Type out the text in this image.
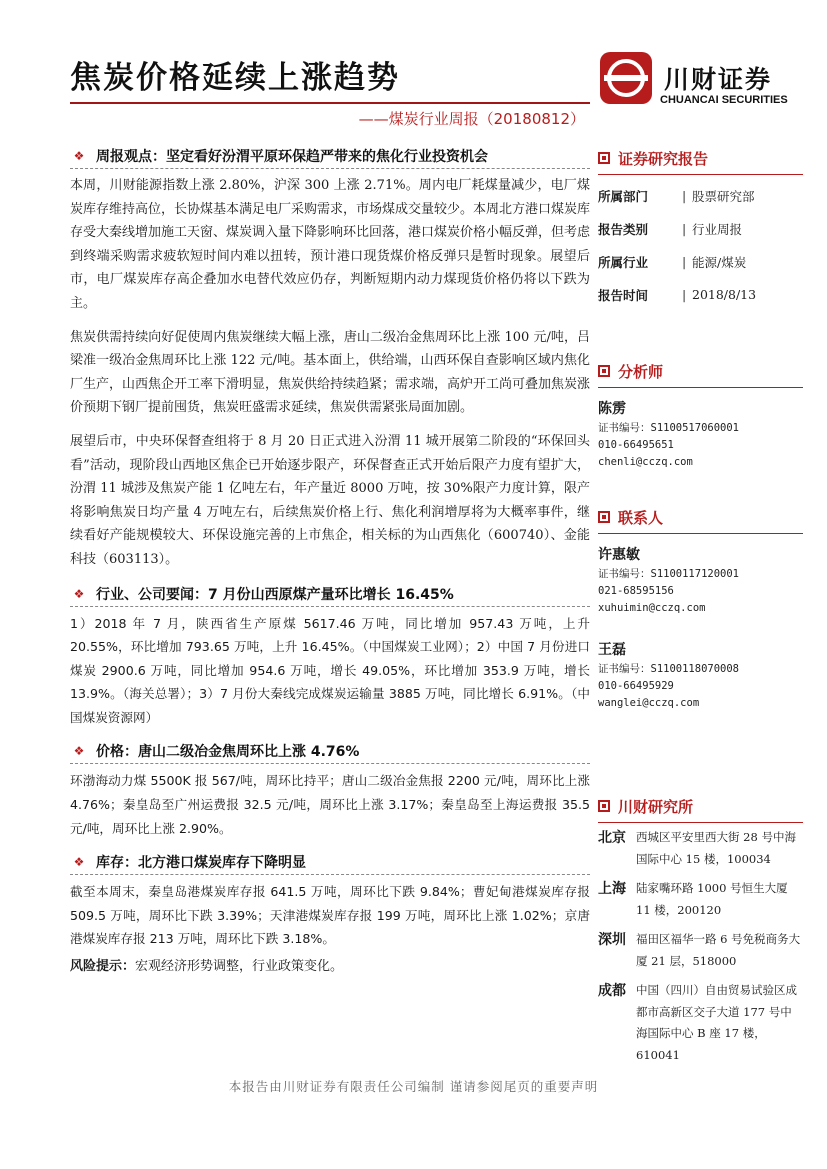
焦炭价格延续上涨趋势
——煤炭行业周报（20180812）
川财证券
CHUANCAI SECURITIES
❖ 周报观点：坚定看好汾渭平原环保趋严带来的焦化行业投资机会

本周，川财能源指数上涨 2.80%，沪深 300 上涨 2.71%。周内电厂耗煤量减少，电厂煤炭库存维持高位，长协煤基本满足电厂采购需求，市场煤成交量较少。本周北方港口煤炭库存受大秦线增加施工天窗、煤炭调入量下降影响环比回落，港口煤炭价格小幅反弹，但考虑到终端采购需求疲软短时间内难以扭转，预计港口现货煤价格反弹只是暂时现象。展望后市，电厂煤炭库存高企叠加水电替代效应仍存，判断短期内动力煤现货价格仍将以下跌为主。

焦炭供需持续向好促使周内焦炭继续大幅上涨，唐山二级冶金焦周环比上涨 100 元/吨，吕梁准一级冶金焦周环比上涨 122 元/吨。基本面上，供给端，山西环保自查影响区域内焦化厂生产，山西焦企开工率下滑明显，焦炭供给持续趋紧；需求端，高炉开工尚可叠加焦炭涨价预期下钢厂提前囤货，焦炭旺盛需求延续，焦炭供需紧张局面加剧。

展望后市，中央环保督查组将于 8 月 20 日正式进入汾渭 11 城开展第二阶段的“环保回头看”活动，现阶段山西地区焦企已开始逐步限产，环保督查正式开始后限产力度有望扩大，汾渭 11 城涉及焦炭产能 1 亿吨左右，年产量近 8000 万吨，按 30%限产力度计算，限产将影响焦炭日均产量 4 万吨左右，后续焦炭价格上行、焦化利润增厚将为大概率事件，继续看好产能规模较大、环保设施完善的上市焦企，相关标的为山西焦化（600740）、金能科技（603113）。

❖ 行业、公司要闻：7 月份山西原煤产量环比增长 16.45%

1）2018 年 7 月，陕西省生产原煤 5617.46 万吨，同比增加 957.43 万吨，上升 20.55%，环比增加 793.65 万吨，上升 16.45%。（中国煤炭工业网）；2）中国 7 月份进口煤炭 2900.6 万吨，同比增加 954.6 万吨，增长 49.05%，环比增加 353.9 万吨，增长 13.9%。（海关总署）；3）7 月份大秦线完成煤炭运输量 3885 万吨，同比增长 6.91%。（中国煤炭资源网）

❖ 价格：唐山二级冶金焦周环比上涨 4.76%

环渤海动力煤 5500K 报 567/吨，周环比持平；唐山二级冶金焦报 2200 元/吨，周环比上涨 4.76%；秦皇岛至广州运费报 32.5 元/吨，周环比上涨 3.17%；秦皇岛至上海运费报 35.5 元/吨，周环比上涨 2.90%。

❖ 库存：北方港口煤炭库存下降明显

截至本周末，秦皇岛港煤炭库存报 641.5 万吨，周环比下跌 9.84%；曹妃甸港煤炭库存报 509.5 万吨，周环比下跌 3.39%；天津港煤炭库存报 199 万吨，周环比上涨 1.02%；京唐港煤炭库存报 213 万吨，周环比下跌 3.18%。

风险提示：宏观经济形势调整，行业政策变化。

证券研究报告
所属部门	| 股票研究部
报告类别	| 行业周报
所属行业	| 能源/煤炭
报告时间	| 2018/8/13
分析师
陈雳
证书编号：S1100517060001
010-66495651
chenli@cczq.com
联系人
许惠敏
证书编号：S1100117120001
021-68595156
xuhuimin@cczq.com
王磊
证书编号：S1100118070008
010-66495929
wanglei@cczq.com
川财研究所
北京 西城区平安里西大街 28 号中海国际中心 15 楼，100034
上海 陆家嘴环路 1000 号恒生大厦 11 楼，200120
深圳 福田区福华一路 6 号免税商务大厦 21 层，518000
成都 中国（四川）自由贸易试验区成都市高新区交子大道 177 号中海国际中心 B 座 17 楼，610041
本报告由川财证券有限责任公司编制 谨请参阅尾页的重要声明
